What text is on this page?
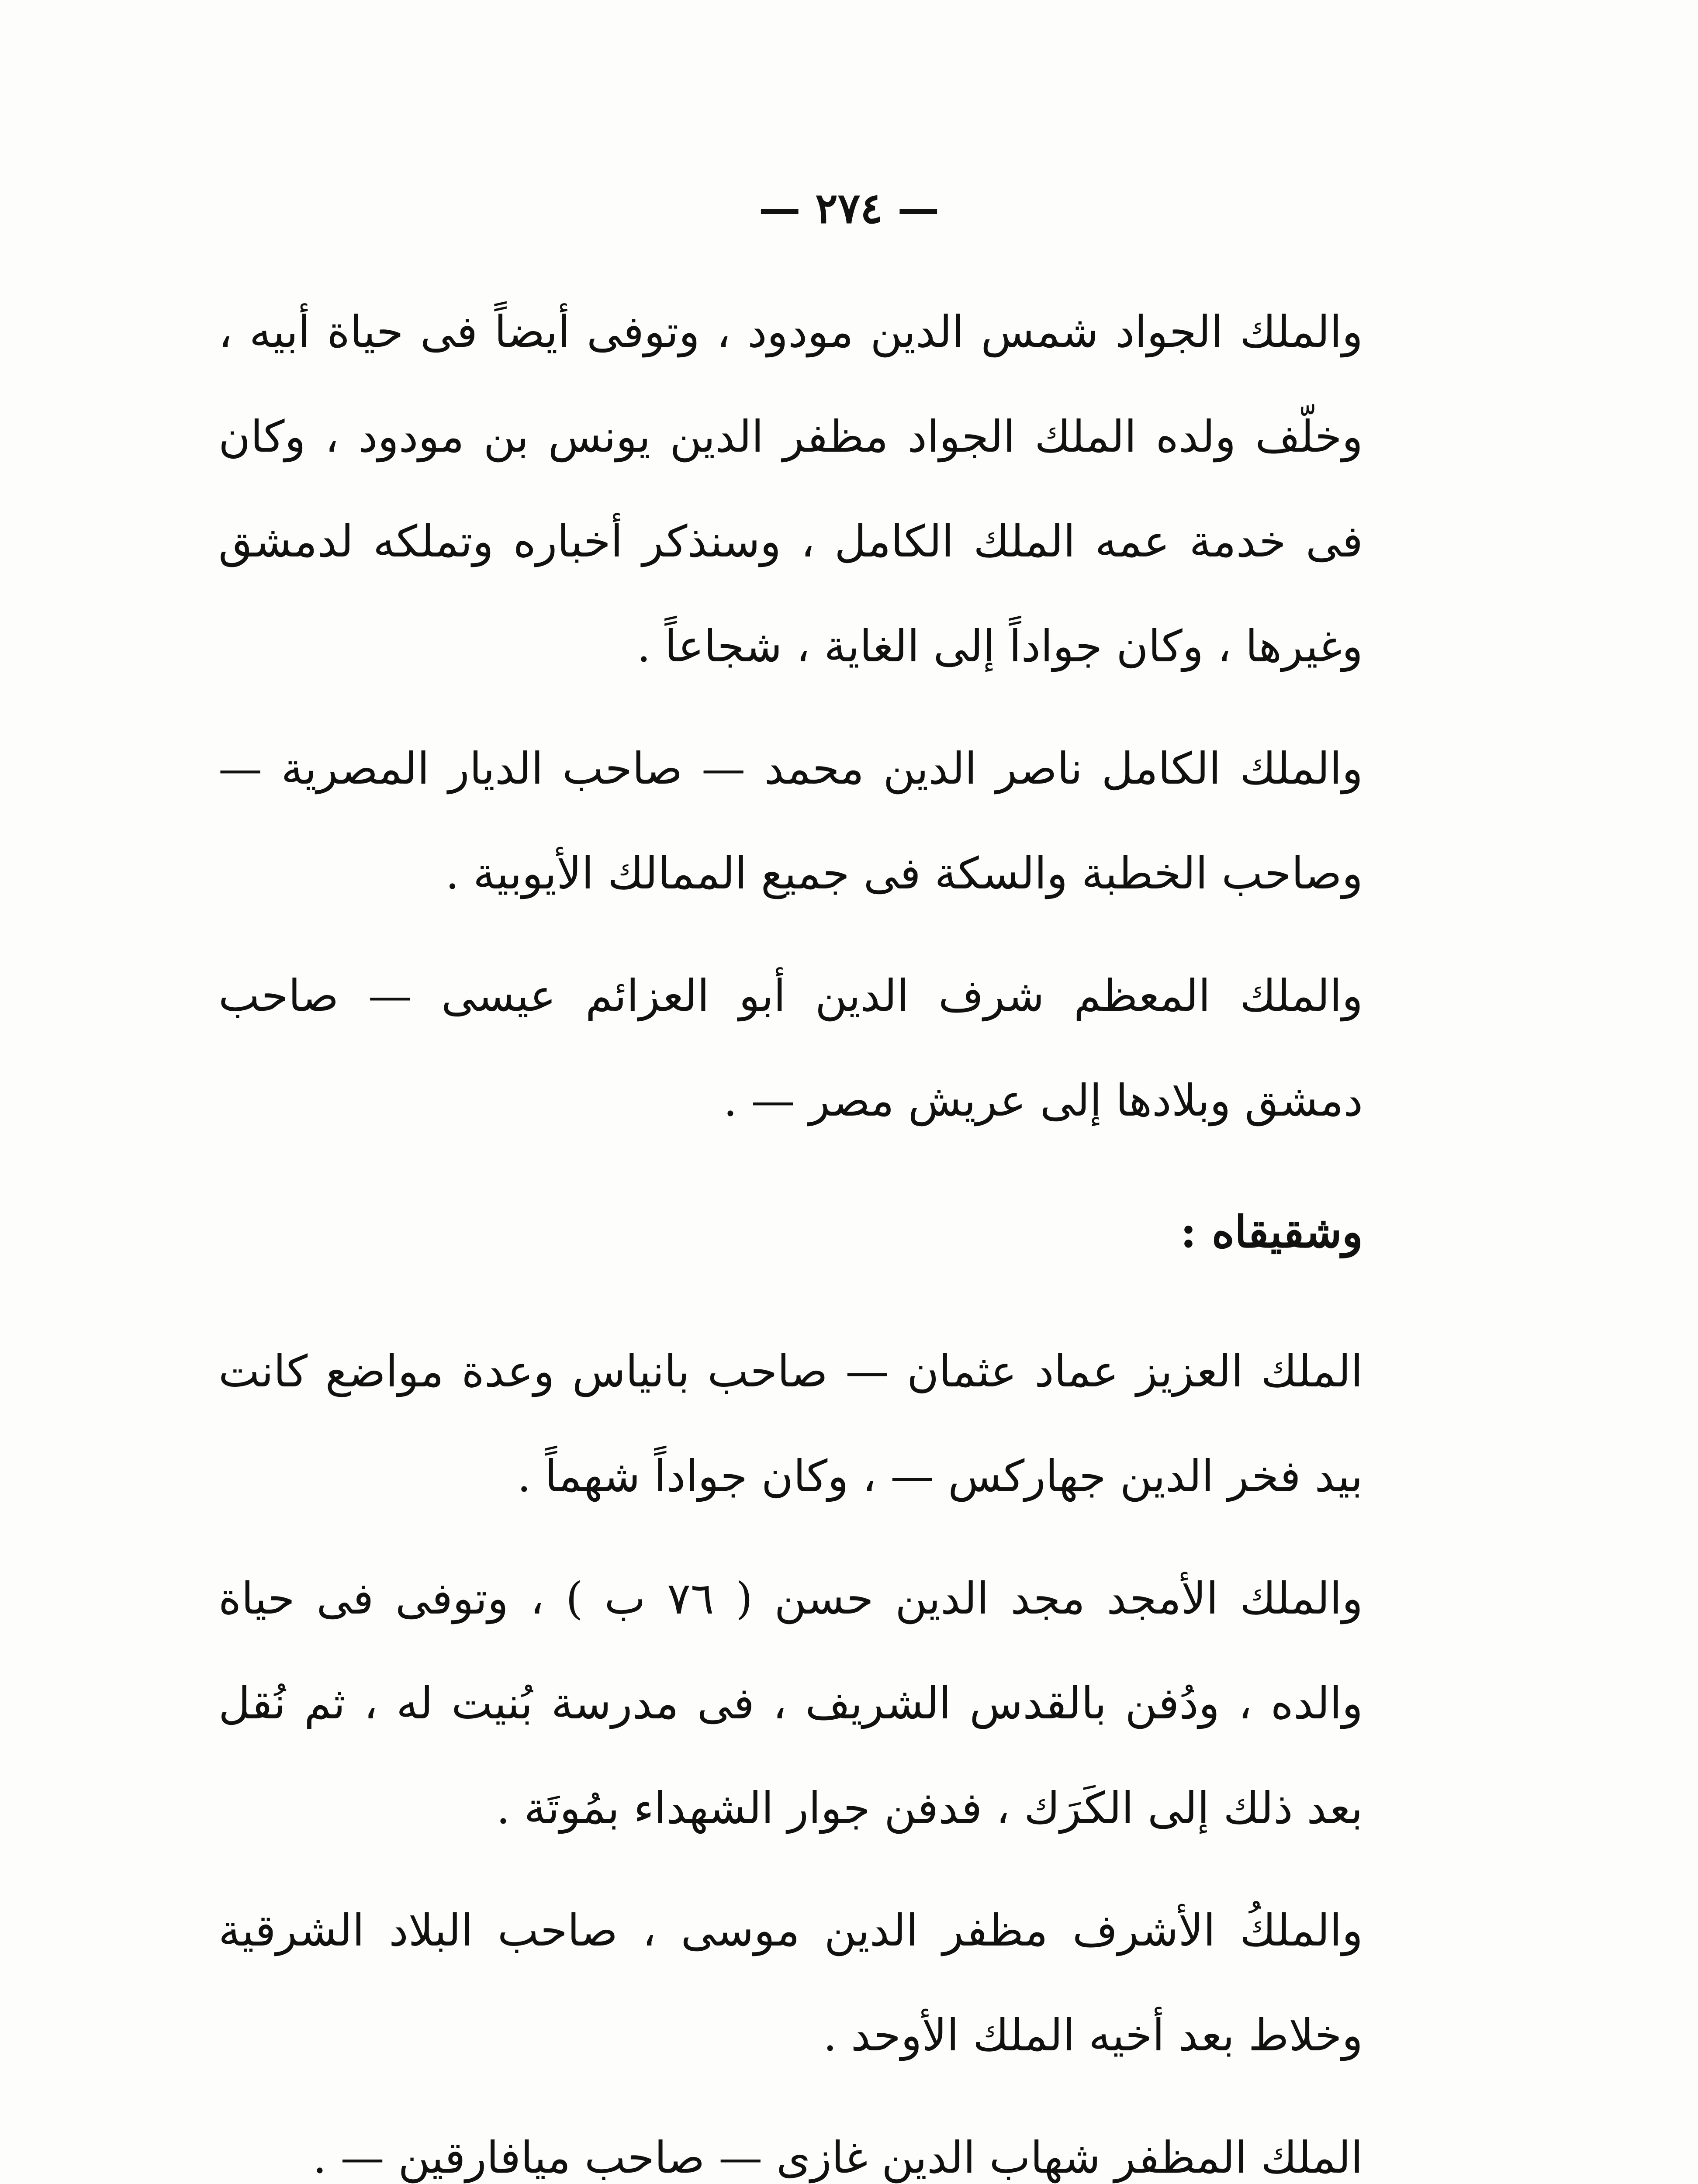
— ٢٧٤ —

والملك الجواد شمس الدين مودود ، وتوفى أيضاً فى حياة أبيه ، وخلّف ولده الملك الجواد مظفر الدين يونس بن مودود ، وكان فى خدمة عمه الملك الكامل ، وسنذكر أخباره وتملكه لدمشق وغيرها ، وكان جواداً إلى الغاية ، شجاعاً .

والملك الكامل ناصر الدين محمد — صاحب الديار المصرية — وصاحب الخطبة والسكة فى جميع الممالك الأيوبية .

والملك المعظم شرف الدين أبو العزائم عيسى — صاحب دمشق وبلادها إلى عريش مصر — .

وشقيقاه :

الملك العزيز عماد عثمان — صاحب بانياس وعدة مواضع كانت بيد فخر الدين جهاركس — ، وكان جواداً شهماً .

والملك الأمجد مجد الدين حسن ( ٧٦ ب ) ، وتوفى فى حياة والده ، ودُفن بالقدس الشريف ، فى مدرسة بُنيت له ، ثم نُقل بعد ذلك إلى الكَرَك ، فدفن جوار الشهداء بمُوتَة .

والملكُ الأشرف مظفر الدين موسى ، صاحب البلاد الشرقية وخلاط بعد أخيه الملك الأوحد .

الملك المظفر شهاب الدين غازى — صاحب ميافارقين — .
